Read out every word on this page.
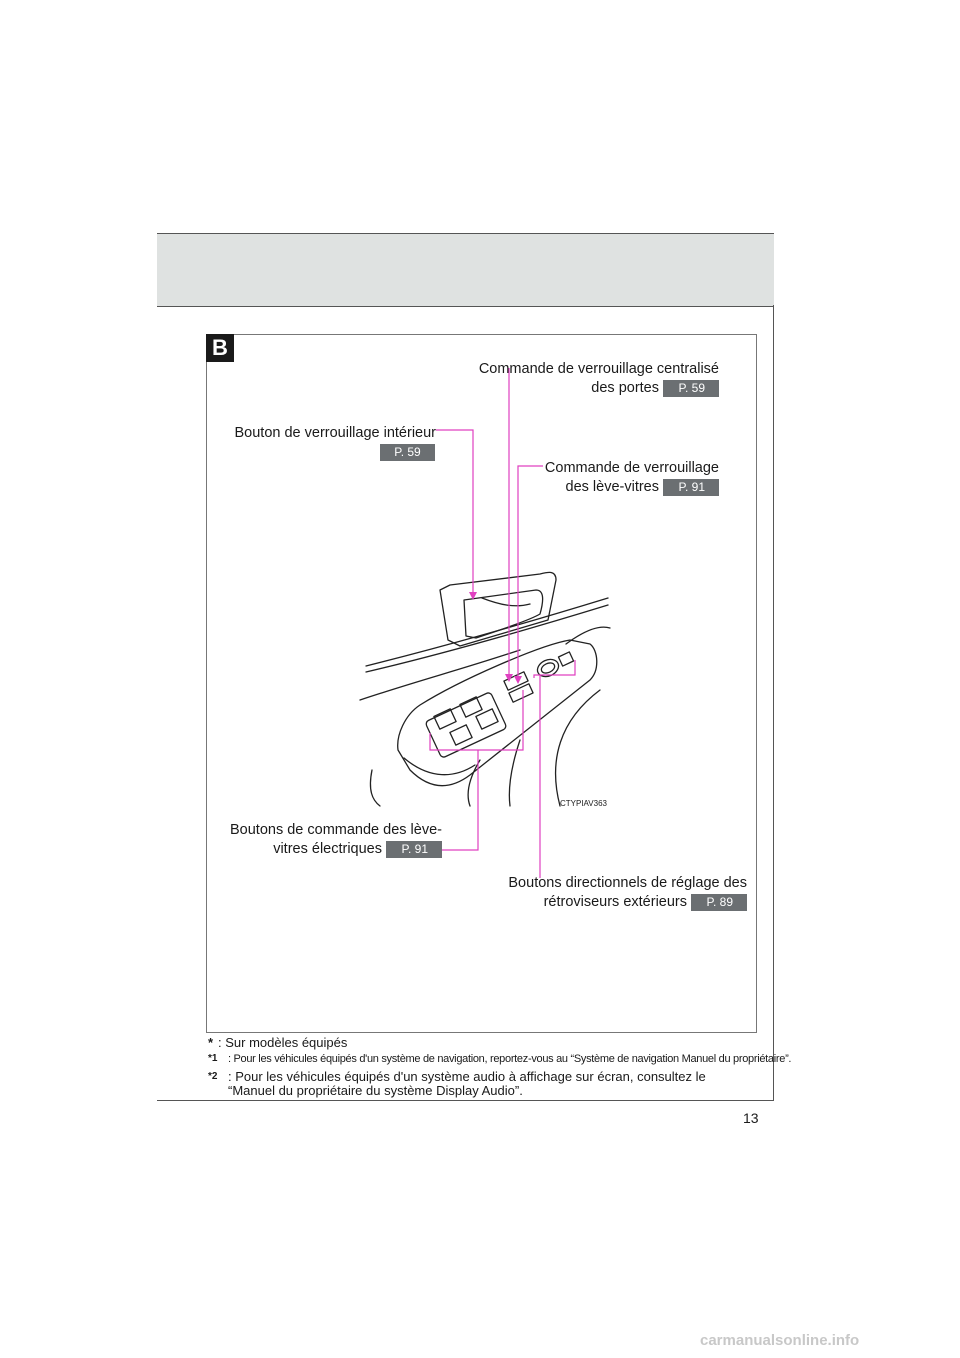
B
Commande de verrouillage centralisé
des portes P. 59
Bouton de verrouillage intérieur
P. 59
Commande de verrouillage
des lève-vitres P. 91
CTYPIAV363
Boutons de commande des lève-
vitres électriques P. 91
Boutons directionnels de réglage des
rétroviseurs extérieurs P. 89
* : Sur modèles équipés
*1 : Pour les véhicules équipés d'un système de navigation, reportez-vous au “Système de navigation Manuel du propriétaire”.
*2 : Pour les véhicules équipés d'un système audio à affichage sur écran, consultez le “Manuel du propriétaire du système Display Audio”.
13
carmanualsonline.info
